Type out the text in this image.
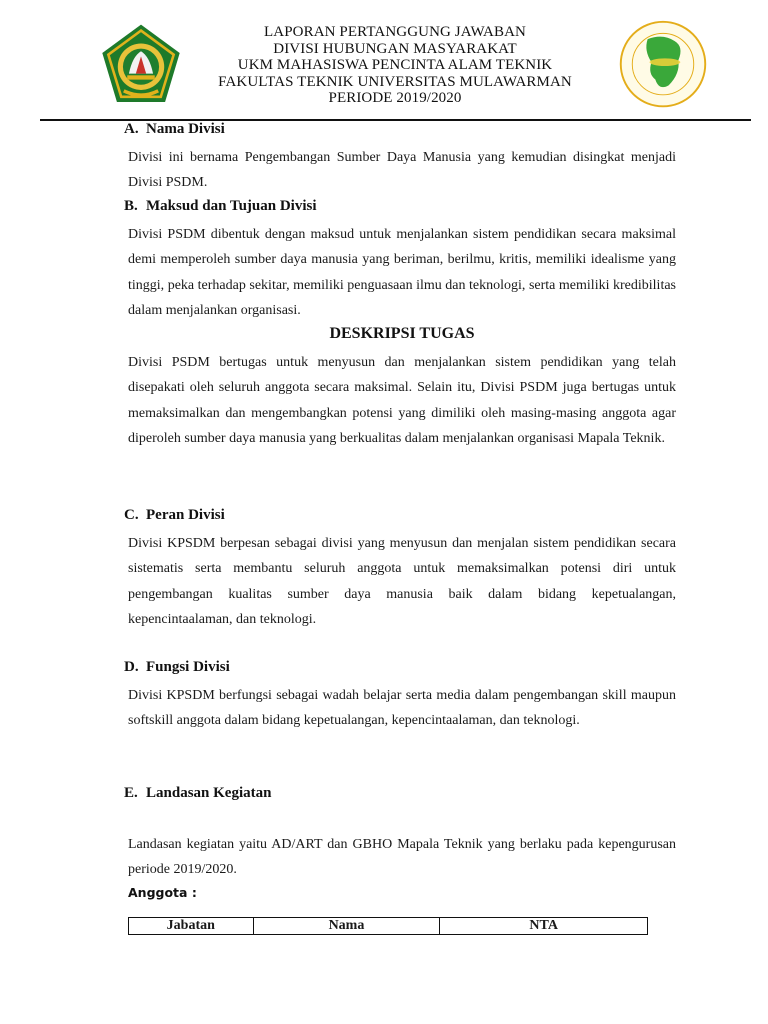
LAPORAN PERTANGGUNG JAWABAN
DIVISI HUBUNGAN MASYARAKAT
UKM MAHASISWA PENCINTA ALAM TEKNIK
FAKULTAS TEKNIK UNIVERSITAS MULAWARMAN
PERIODE 2019/2020
A. Nama Divisi
Divisi ini bernama Pengembangan Sumber Daya Manusia yang kemudian disingkat menjadi Divisi PSDM.
B. Maksud dan Tujuan Divisi
Divisi PSDM dibentuk dengan maksud untuk menjalankan sistem pendidikan secara maksimal demi memperoleh sumber daya manusia yang beriman, berilmu, kritis, memiliki idealisme yang tinggi, peka terhadap sekitar, memiliki penguasaan ilmu dan teknologi, serta memiliki kredibilitas dalam menjalankan organisasi.
DESKRIPSI TUGAS
Divisi PSDM bertugas untuk menyusun dan menjalankan sistem pendidikan yang telah disepakati oleh seluruh anggota secara maksimal. Selain itu, Divisi PSDM juga bertugas untuk memaksimalkan dan mengembangkan potensi yang dimiliki oleh masing-masing anggota agar diperoleh sumber daya manusia yang berkualitas dalam menjalankan organisasi Mapala Teknik.
C. Peran Divisi
Divisi KPSDM berpesan sebagai divisi yang menyusun dan menjalan sistem pendidikan secara sistematis serta membantu seluruh anggota untuk memaksimalkan potensi diri untuk pengembangan kualitas sumber daya manusia baik dalam bidang kepetualangan, kepencintaalaman, dan teknologi.
D. Fungsi Divisi
Divisi KPSDM berfungsi sebagai wadah belajar serta media dalam pengembangan skill maupun softskill anggota dalam bidang kepetualangan, kepencintaalaman, dan teknologi.
E. Landasan Kegiatan
Landasan kegiatan yaitu AD/ART dan GBHO Mapala Teknik yang berlaku pada kepengurusan periode 2019/2020.
Anggota :
Jabatan	Nama	NTA
